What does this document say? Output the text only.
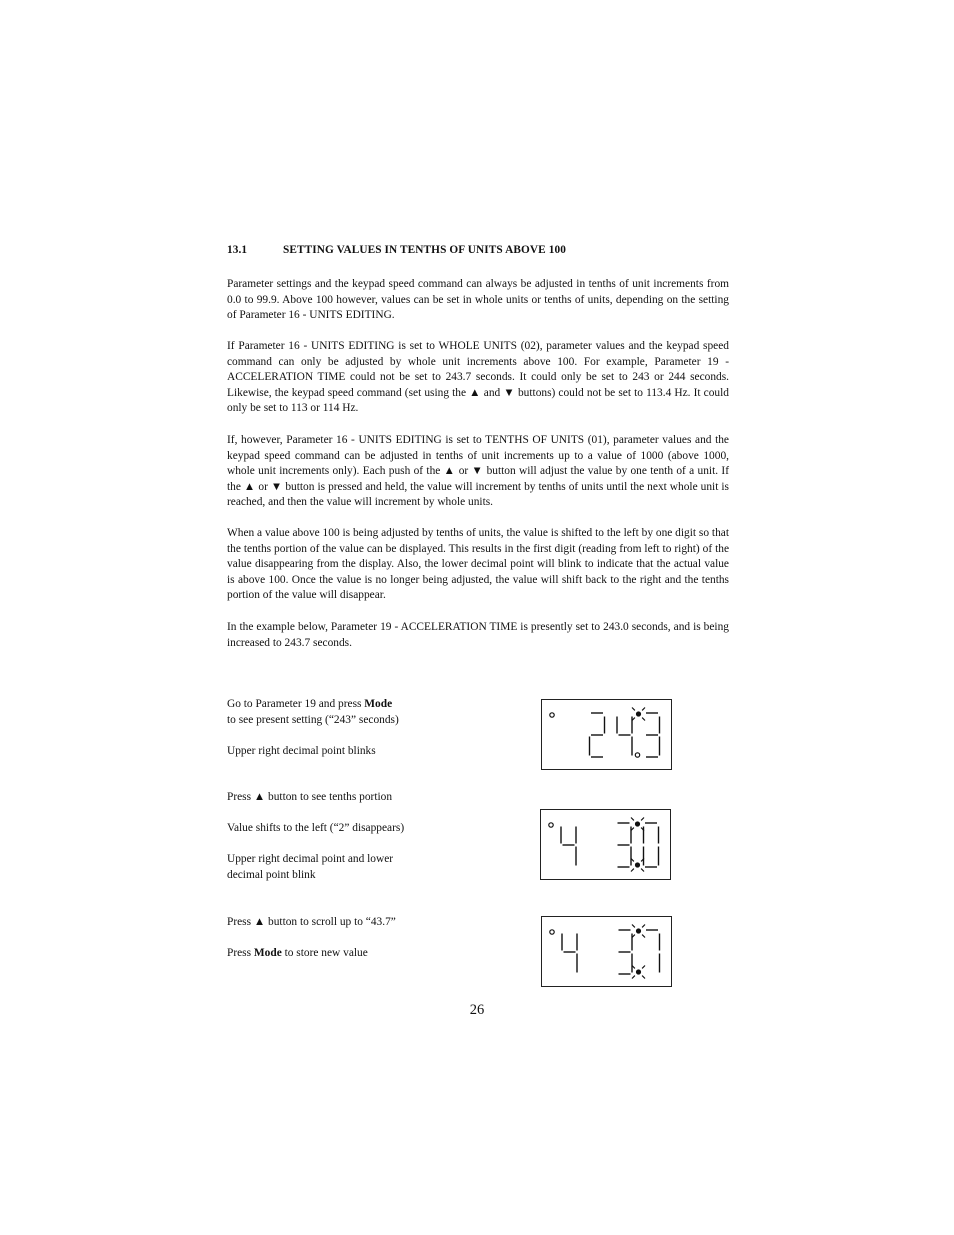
13.1	SETTING VALUES IN TENTHS OF UNITS ABOVE 100

Parameter settings and the keypad speed command can always be adjusted in tenths of unit increments from 0.0 to 99.9. Above 100 however, values can be set in whole units or tenths of units, depending on the setting of Parameter 16 - UNITS EDITING.

If Parameter 16 - UNITS EDITING is set to WHOLE UNITS (02), parameter values and the keypad speed command can only be adjusted by whole unit increments above 100. For example, Parameter 19 - ACCELERATION TIME could not be set to 243.7 seconds. It could only be set to 243 or 244 seconds. Likewise, the keypad speed command (set using the ▲ and ▼ buttons) could not be set to 113.4 Hz. It could only be set to 113 or 114 Hz.

If, however, Parameter 16 - UNITS EDITING is set to TENTHS OF UNITS (01), parameter values and the keypad speed command can be adjusted in tenths of unit increments up to a value of 1000 (above 1000, whole unit increments only). Each push of the ▲ or ▼ button will adjust the value by one tenth of a unit. If the ▲ or ▼ button is pressed and held, the value will increment by tenths of units until the next whole unit is reached, and then the value will increment by whole units.

When a value above 100 is being adjusted by tenths of units, the value is shifted to the left by one digit so that the tenths portion of the value can be displayed. This results in the first digit (reading from left to right) of the value disappearing from the display. Also, the lower decimal point will blink to indicate that the actual value is above 100. Once the value is no longer being adjusted, the value will shift back to the right and the tenths portion of the value will disappear.

In the example below, Parameter 19 - ACCELERATION TIME is presently set to 243.0 seconds, and is being increased to 243.7 seconds.

Go to Parameter 19 and press Mode

to see present setting (“243” seconds)

Upper right decimal point blinks

Press ▲ button to see tenths portion

Value shifts to the left (“2” disappears)

Upper right decimal point and lower

decimal point blink

Press ▲ button to scroll up to “43.7”

Press Mode to store new value

26
